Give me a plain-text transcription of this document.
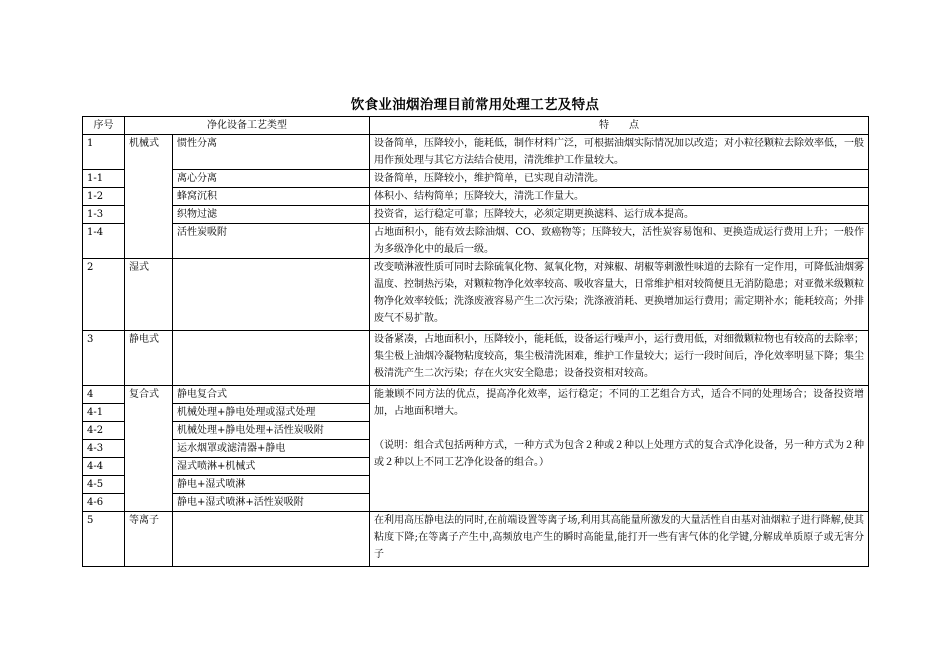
饮食业油烟治理目前常用处理工艺及特点
序号	净化设备工艺类型		特　　点
1	机械式	惯性分离	设备简单，压降较小，能耗低，制作材料广泛，可根据油烟实际情况加以改造；对小粒径颗粒去除效率低，一般用作预处理与其它方法结合使用，清洗维护工作量较大。
1-1		离心分离	设备简单，压降较小，维护简单，已实现自动清洗。
1-2		蜂窝沉积	体积小、结构简单；压降较大，清洗工作量大。
1-3		织物过滤	投资省，运行稳定可靠；压降较大，必须定期更换滤料、运行成本提高。
1-4		活性炭吸附	占地面积小，能有效去除油烟、CO、致癌物等；压降较大，活性炭容易饱和、更换造成运行费用上升；一般作为多级净化中的最后一级。
2	湿式		改变喷淋液性质可同时去除硫氧化物、氮氧化物，对辣椒、胡椒等刺激性味道的去除有一定作用，可降低油烟雾温度、控制热污染，对颗粒物净化效率较高、吸收容量大，日常维护相对较简便且无消防隐患；对亚微米级颗粒物净化效率较低；洗涤废液容易产生二次污染；洗涤液消耗、更换增加运行费用；需定期补水；能耗较高；外排废气不易扩散。
3	静电式		设备紧凑，占地面积小，压降较小，能耗低，设备运行噪声小，运行费用低，对细微颗粒物也有较高的去除率；集尘极上油烟冷凝物粘度较高，集尘极清洗困难，维护工作量较大；运行一段时间后，净化效率明显下降；集尘极清洗产生二次污染；存在火灾安全隐患；设备投资相对较高。
4	复合式	静电复合式	能兼顾不同方法的优点，提高净化效率，运行稳定；不同的工艺组合方式，适合不同的处理场合；设备投资增加，占地面积增大。
（说明：组合式包括两种方式，一种方式为包含２种或２种以上处理方式的复合式净化设备，另一种方式为２种或２种以上不同工艺净化设备的组合。）

4-1		机械处理+静电处理或湿式处理	
4-2		机械处理+静电处理+活性炭吸附	
4-3		运水烟罩或滤清器+静电	
4-4		湿式喷淋+机械式	
4-5		静电+湿式喷淋	
4-6		静电+湿式喷淋+活性炭吸附	
5	等离子		在利用高压静电法的同时,在前端设置等离子场,利用其高能量所激发的大量活性自由基对油烟粒子进行降解,使其粘度下降;在等离子产生中,高频放电产生的瞬时高能量,能打开一些有害气体的化学键,分解成单质原子或无害分子
